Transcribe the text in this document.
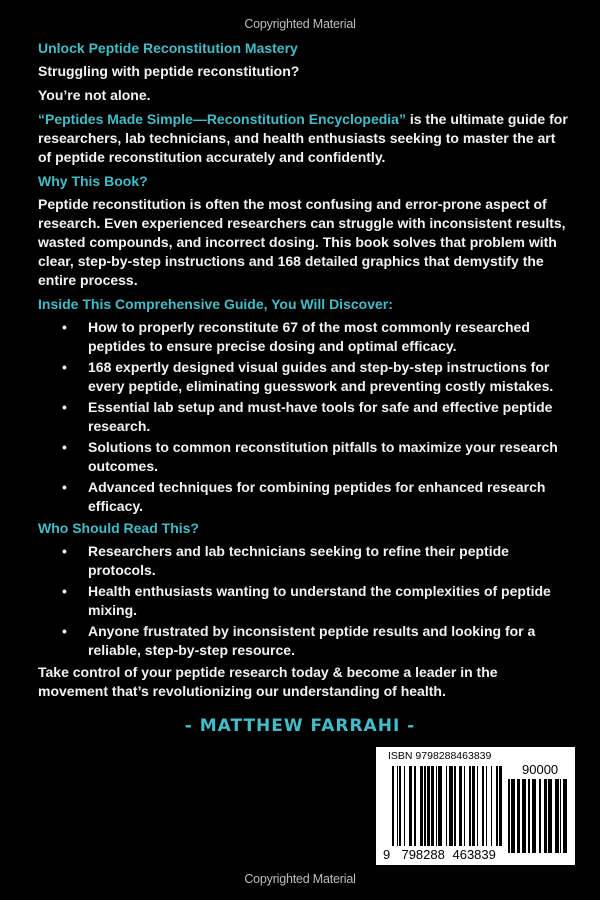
Copyrighted Material
Unlock Peptide Reconstitution Mastery

Struggling with peptide reconstitution?

You’re not alone.

“Peptides Made Simple—Reconstitution Encyclopedia” is the ultimate guide for researchers, lab technicians, and health enthusiasts seeking to master the art of peptide reconstitution accurately and confidently.

Why This Book?

Peptide reconstitution is often the most confusing and error-prone aspect of research. Even experienced researchers can struggle with inconsistent results, wasted compounds, and incorrect dosing. This book solves that problem with clear, step-by-step instructions and 168 detailed graphics that demystify the entire process.

Inside This Comprehensive Guide, You Will Discover:
• How to properly reconstitute 67 of the most commonly researched peptides to ensure precise dosing and optimal efficacy.
• 168 expertly designed visual guides and step-by-step instructions for every peptide, eliminating guesswork and preventing costly mistakes.
• Essential lab setup and must-have tools for safe and effective peptide research.
• Solutions to common reconstitution pitfalls to maximize your research outcomes.
• Advanced techniques for combining peptides for enhanced research efficacy.
Who Should Read This?
• Researchers and lab technicians seeking to refine their peptide protocols.
• Health enthusiasts wanting to understand the complexities of peptide mixing.
• Anyone frustrated by inconsistent peptide results and looking for a reliable, step-by-step resource.

Take control of your peptide research today & become a leader in the movement that’s revolutionizing our understanding of health.

- MATTHEW FARRAHI -
ISBN 9798288463839
90000
9 798288 463839
Copyrighted Material
